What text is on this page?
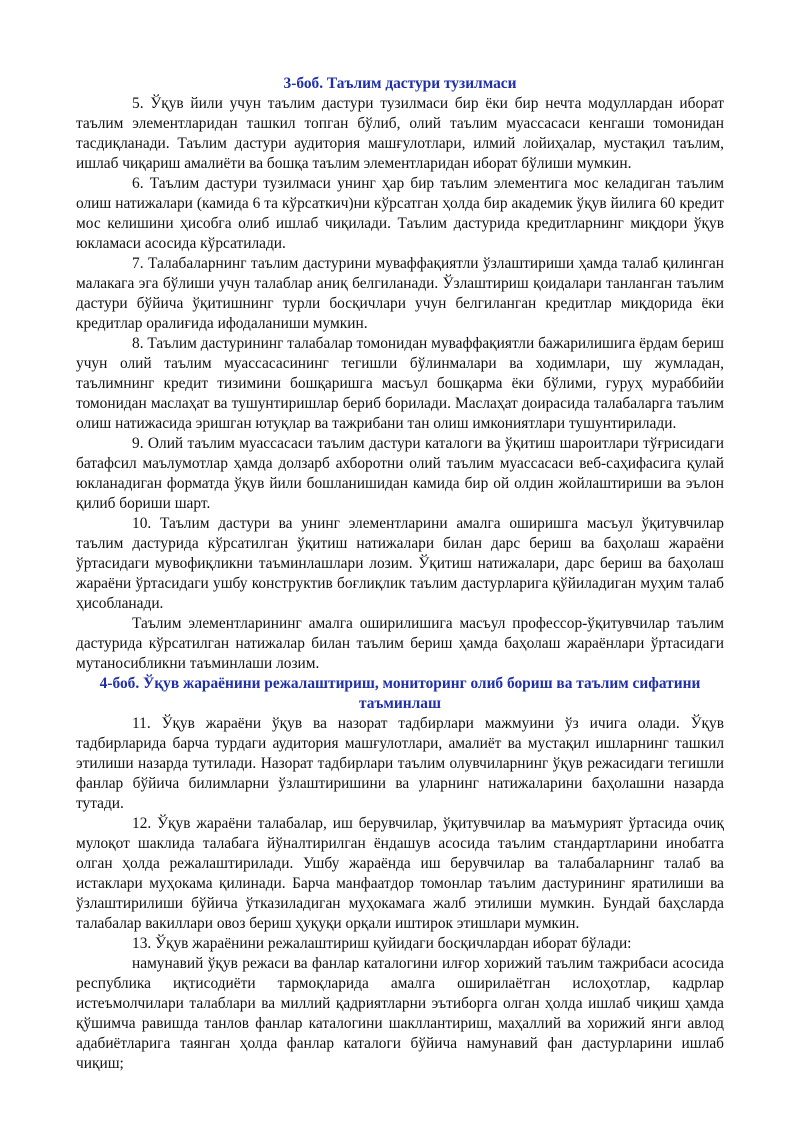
3-боб. Таълим дастури тузилмаси

5. Ўқув йили учун таълим дастури тузилмаси бир ёки бир нечта модуллардан иборат таълим элементларидан ташкил топган бўлиб, олий таълим муассасаси кенгаши томонидан тасдиқланади. Таълим дастури аудитория машғулотлари, илмий лойиҳалар, мустақил таълим, ишлаб чиқариш амалиёти ва бошқа таълим элементларидан иборат бўлиши мумкин.

6. Таълим дастури тузилмаси унинг ҳар бир таълим элементига мос келадиган таълим олиш натижалари (камида 6 та кўрсаткич)ни кўрсатган ҳолда бир академик ўқув йилига 60 кредит мос келишини ҳисобга олиб ишлаб чиқилади. Таълим дастурида кредитларнинг миқдори ўқув юкламаси асосида кўрсатилади.

7. Талабаларнинг таълим дастурини муваффақиятли ўзлаштириши ҳамда талаб қилинган малакага эга бўлиши учун талаблар аниқ белгиланади. Ўзлаштириш қоидалари танланган таълим дастури бўйича ўқитишнинг турли босқичлари учун белгиланган кредитлар миқдорида ёки кредитлар оралиғида ифодаланиши мумкин.

8. Таълим дастурининг талабалар томонидан муваффақиятли бажарилишига ёрдам бериш учун олий таълим муассасасининг тегишли бўлинмалари ва ходимлари, шу жумладан, таълимнинг кредит тизимини бошқаришга масъул бошқарма ёки бўлими, гуруҳ мураббийи томонидан маслаҳат ва тушунтиришлар бериб борилади. Маслаҳат доирасида талабаларга таълим олиш натижасида эришган ютуқлар ва тажрибани тан олиш имкониятлари тушунтирилади.

9. Олий таълим муассасаси таълим дастури каталоги ва ўқитиш шароитлари тўғрисидаги батафсил маълумотлар ҳамда долзарб ахборотни олий таълим муассасаси веб-саҳифасига қулай юкланадиган форматда ўқув йили бошланишидан камида бир ой олдин жойлаштириши ва эълон қилиб бориши шарт.

10. Таълим дастури ва унинг элементларини амалга оширишга масъул ўқитувчилар таълим дастурида кўрсатилган ўқитиш натижалари билан дарс бериш ва баҳолаш жараёни ўртасидаги мувофиқликни таъминлашлари лозим. Ўқитиш натижалари, дарс бериш ва баҳолаш жараёни ўртасидаги ушбу конструктив боғлиқлик таълим дастурларига қўйиладиган муҳим талаб ҳисобланади.

Таълим элементларининг амалга оширилишига масъул профессор-ўқитувчилар таълим дастурида кўрсатилган натижалар билан таълим бериш ҳамда баҳолаш жараёнлари ўртасидаги мутаносибликни таъминлаши лозим.

4-боб. Ўқув жараёнини режалаштириш, мониторинг олиб бориш ва таълим сифатини таъминлаш

11. Ўқув жараёни ўқув ва назорат тадбирлари мажмуини ўз ичига олади. Ўқув тадбирларида барча турдаги аудитория машғулотлари, амалиёт ва мустақил ишларнинг ташкил этилиши назарда тутилади. Назорат тадбирлари таълим олувчиларнинг ўқув режасидаги тегишли фанлар бўйича билимларни ўзлаштиришини ва уларнинг натижаларини баҳолашни назарда тутади.

12. Ўқув жараёни талабалар, иш берувчилар, ўқитувчилар ва маъмурият ўртасида очиқ мулоқот шаклида талабага йўналтирилган ёндашув асосида таълим стандартларини инобатга олган ҳолда режалаштирилади. Ушбу жараёнда иш берувчилар ва талабаларнинг талаб ва истаклари муҳокама қилинади. Барча манфаатдор томонлар таълим дастурининг яратилиши ва ўзлаштирилиши бўйича ўтказиладиган муҳокамага жалб этилиши мумкин. Бундай баҳсларда талабалар вакиллари овоз бериш ҳуқуқи орқали иштирок этишлари мумкин.

13. Ўқув жараёнини режалаштириш қуйидаги босқичлардан иборат бўлади:

намунавий ўқув режаси ва фанлар каталогини илғор хорижий таълим тажрибаси асосида республика иқтисодиёти тармоқларида амалга оширилаётган ислоҳотлар, кадрлар истеъмолчилари талаблари ва миллий қадриятларни эътиборга олган ҳолда ишлаб чиқиш ҳамда қўшимча равишда танлов фанлар каталогини шакллантириш, маҳаллий ва хорижий янги авлод адабиётларига таянган ҳолда фанлар каталоги бўйича намунавий фан дастурларини ишлаб чиқиш;
